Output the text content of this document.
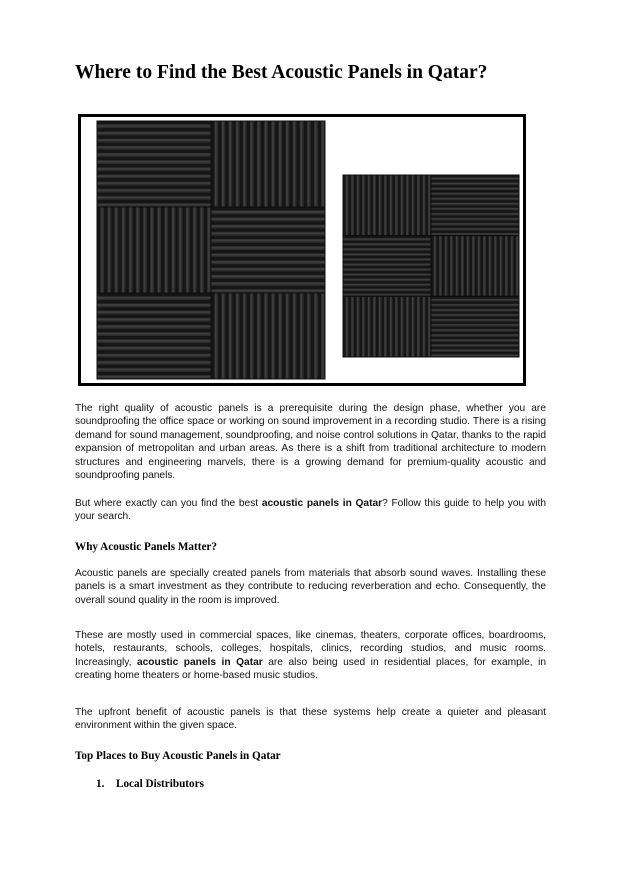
Where to Find the Best Acoustic Panels in Qatar?

The right quality of acoustic panels is a prerequisite during the design phase, whether you are soundproofing the office space or working on sound improvement in a recording studio. There is a rising demand for sound management, soundproofing, and noise control solutions in Qatar, thanks to the rapid expansion of metropolitan and urban areas. As there is a shift from traditional architecture to modern structures and engineering marvels, there is a growing demand for premium-quality acoustic and soundproofing panels.

But where exactly can you find the best acoustic panels in Qatar? Follow this guide to help you with your search.

Why Acoustic Panels Matter?

Acoustic panels are specially created panels from materials that absorb sound waves. Installing these panels is a smart investment as they contribute to reducing reverberation and echo. Consequently, the overall sound quality in the room is improved.

These are mostly used in commercial spaces, like cinemas, theaters, corporate offices, boardrooms, hotels, restaurants, schools, colleges, hospitals, clinics, recording studios, and music rooms. Increasingly, acoustic panels in Qatar are also being used in residential places, for example, in creating home theaters or home-based music studios.

The upfront benefit of acoustic panels is that these systems help create a quieter and pleasant environment within the given space.

Top Places to Buy Acoustic Panels in Qatar

1. Local Distributors
